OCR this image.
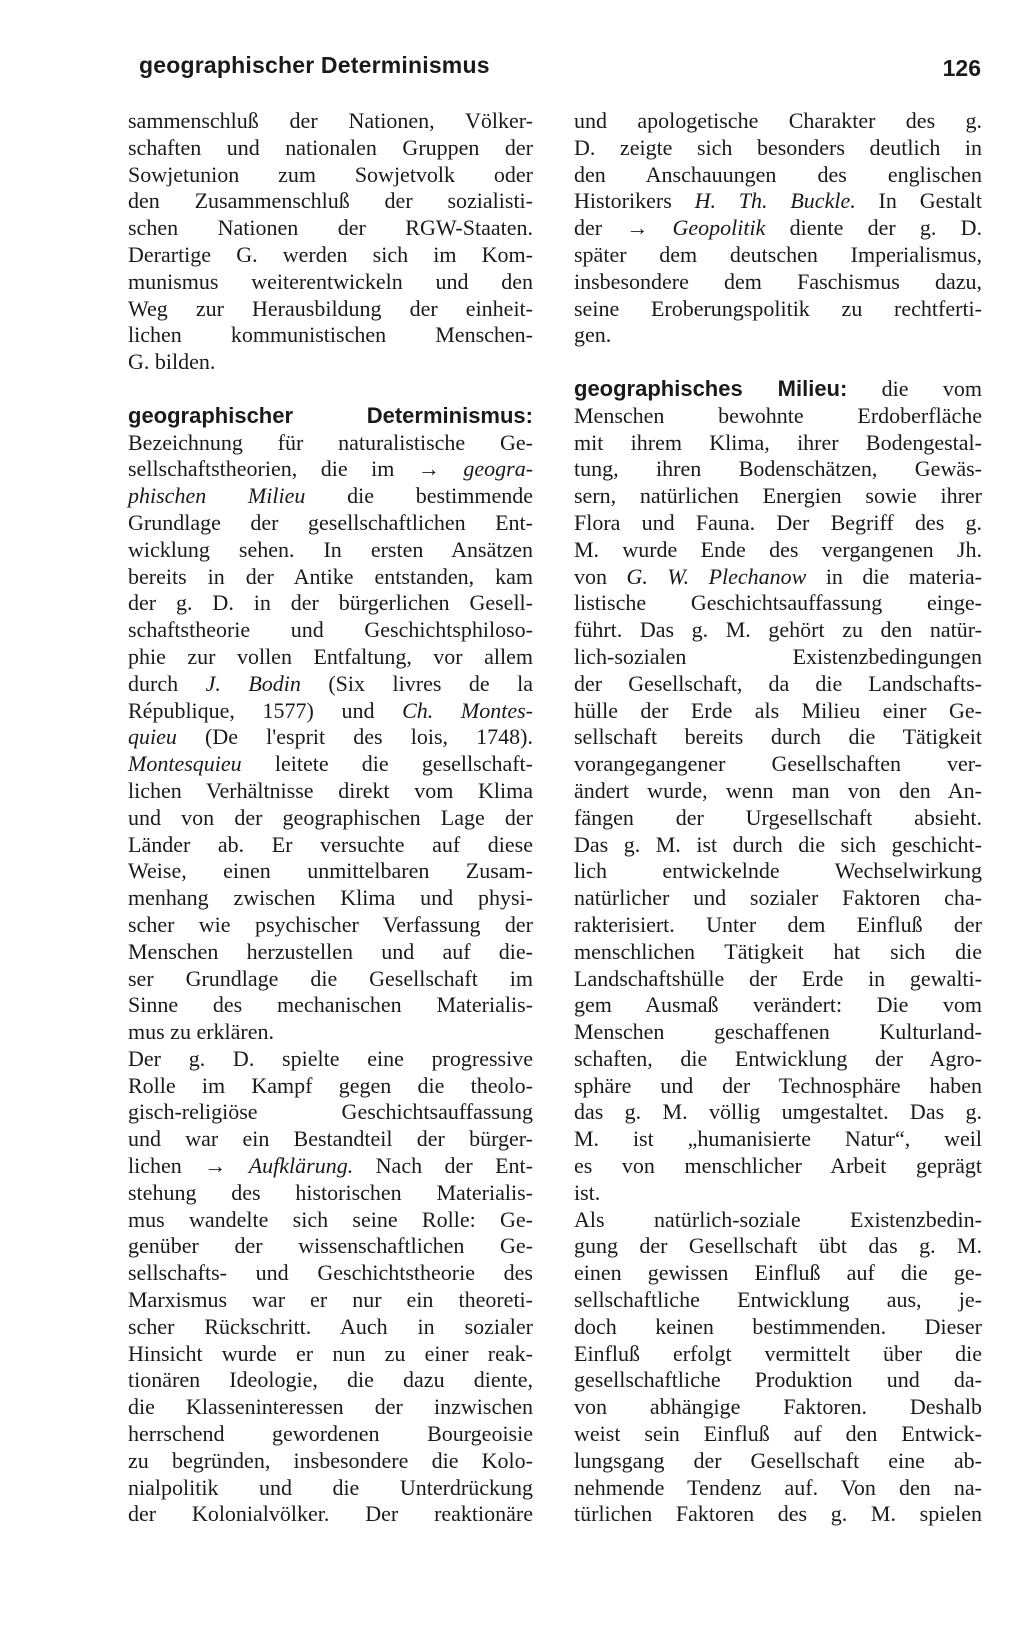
geographischer Determinismus	126
sammenschluß der Nationen, Völker-
schaften und nationalen Gruppen der
Sowjetunion zum Sowjetvolk oder
den Zusammenschluß der sozialisti-
schen Nationen der RGW-Staaten.
Derartige G. werden sich im Kom-
munismus weiterentwickeln und den
Weg zur Herausbildung der einheit-
lichen kommunistischen Menschen-
G. bilden.
geographischer Determinismus:
Bezeichnung für naturalistische Ge-
sellschaftstheorien, die im → geogra-
phischen Milieu die bestimmende
Grundlage der gesellschaftlichen Ent-
wicklung sehen. In ersten Ansätzen
bereits in der Antike entstanden, kam
der g. D. in der bürgerlichen Gesell-
schaftstheorie und Geschichtsphiloso-
phie zur vollen Entfaltung, vor allem
durch J. Bodin (Six livres de la
République, 1577) und Ch. Montes-
quieu (De l'esprit des lois, 1748).
Montesquieu leitete die gesellschaft-
lichen Verhältnisse direkt vom Klima
und von der geographischen Lage der
Länder ab. Er versuchte auf diese
Weise, einen unmittelbaren Zusam-
menhang zwischen Klima und physi-
scher wie psychischer Verfassung der
Menschen herzustellen und auf die-
ser Grundlage die Gesellschaft im
Sinne des mechanischen Materialis-
mus zu erklären.
Der g. D. spielte eine progressive
Rolle im Kampf gegen die theolo-
gisch-religiöse Geschichtsauffassung
und war ein Bestandteil der bürger-
lichen → Aufklärung. Nach der Ent-
stehung des historischen Materialis-
mus wandelte sich seine Rolle: Ge-
genüber der wissenschaftlichen Ge-
sellschafts- und Geschichtstheorie des
Marxismus war er nur ein theoreti-
scher Rückschritt. Auch in sozialer
Hinsicht wurde er nun zu einer reak-
tionären Ideologie, die dazu diente,
die Klasseninteressen der inzwischen
herrschend gewordenen Bourgeoisie
zu begründen, insbesondere die Kolo-
nialpolitik und die Unterdrückung
der Kolonialvölker. Der reaktionäre
und apologetische Charakter des g.
D. zeigte sich besonders deutlich in
den Anschauungen des englischen
Historikers H. Th. Buckle. In Gestalt
der → Geopolitik diente der g. D.
später dem deutschen Imperialismus,
insbesondere dem Faschismus dazu,
seine Eroberungspolitik zu rechtferti-
gen.
geographisches Milieu: die vom
Menschen bewohnte Erdoberfläche
mit ihrem Klima, ihrer Bodengestal-
tung, ihren Bodenschätzen, Gewäs-
sern, natürlichen Energien sowie ihrer
Flora und Fauna. Der Begriff des g.
M. wurde Ende des vergangenen Jh.
von G. W. Plechanow in die materia-
listische Geschichtsauffassung einge-
führt. Das g. M. gehört zu den natür-
lich-sozialen Existenzbedingungen
der Gesellschaft, da die Landschafts-
hülle der Erde als Milieu einer Ge-
sellschaft bereits durch die Tätigkeit
vorangegangener Gesellschaften ver-
ändert wurde, wenn man von den An-
fängen der Urgesellschaft absieht.
Das g. M. ist durch die sich geschicht-
lich entwickelnde Wechselwirkung
natürlicher und sozialer Faktoren cha-
rakterisiert. Unter dem Einfluß der
menschlichen Tätigkeit hat sich die
Landschaftshülle der Erde in gewalti-
gem Ausmaß verändert: Die vom
Menschen geschaffenen Kulturland-
schaften, die Entwicklung der Agro-
sphäre und der Technosphäre haben
das g. M. völlig umgestaltet. Das g.
M. ist „humanisierte Natur“, weil
es von menschlicher Arbeit geprägt
ist.
Als natürlich-soziale Existenzbedin-
gung der Gesellschaft übt das g. M.
einen gewissen Einfluß auf die ge-
sellschaftliche Entwicklung aus, je-
doch keinen bestimmenden. Dieser
Einfluß erfolgt vermittelt über die
gesellschaftliche Produktion und da-
von abhängige Faktoren. Deshalb
weist sein Einfluß auf den Entwick-
lungsgang der Gesellschaft eine ab-
nehmende Tendenz auf. Von den na-
türlichen Faktoren des g. M. spielen
